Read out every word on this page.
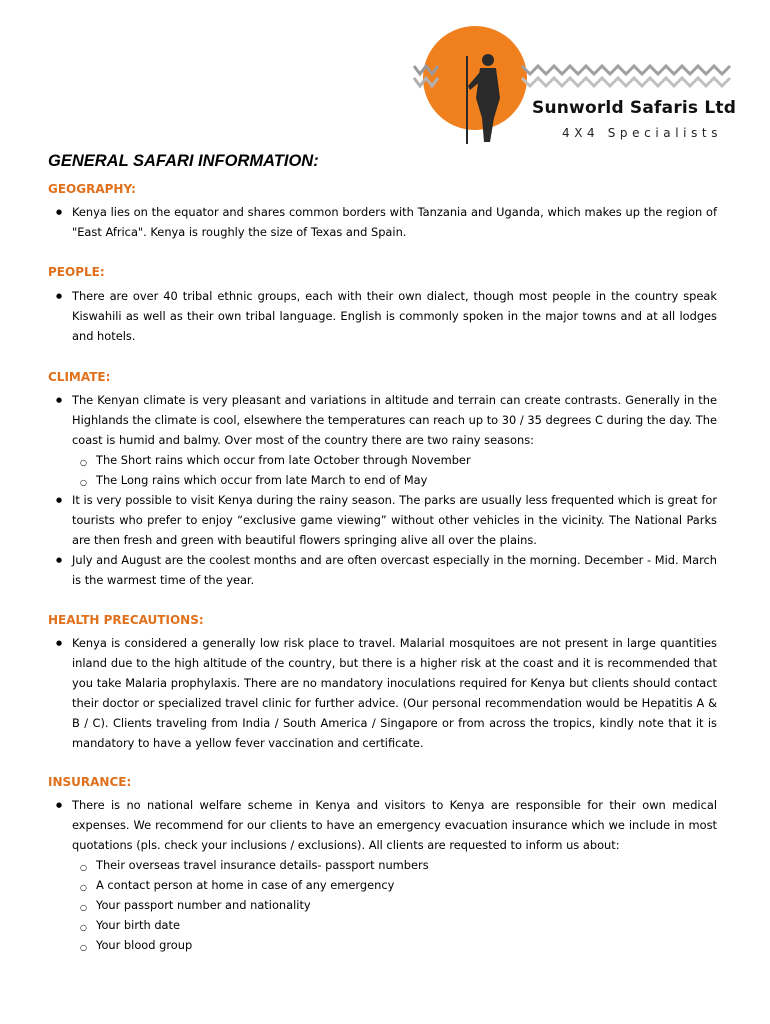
Sunworld Safaris Ltd
4X4 Specialists
GENERAL SAFARI INFORMATION:
GEOGRAPHY:
●

Kenya lies on the equator and shares common borders with Tanzania and Uganda, which makes up the region of "East Africa". Kenya is roughly the size of Texas and Spain.

PEOPLE:
●

There are over 40 tribal ethnic groups, each with their own dialect, though most people in the country speak Kiswahili as well as their own tribal language. English is commonly spoken in the major towns and at all lodges and hotels.

CLIMATE:
●

The Kenyan climate is very pleasant and variations in altitude and terrain can create contrasts. Generally in the Highlands the climate is cool, elsewhere the temperatures can reach up to 30 / 35 degrees C during the day. The coast is humid and balmy. Over most of the country there are two rainy seasons:

○

The Short rains which occur from late October through November

○

The Long rains which occur from late March to end of May

●

It is very possible to visit Kenya during the rainy season. The parks are usually less frequented which is great for tourists who prefer to enjoy “exclusive game viewing” without other vehicles in the vicinity. The National Parks are then fresh and green with beautiful flowers springing alive all over the plains.

●

July and August are the coolest months and are often overcast especially in the morning. December - Mid. March is the warmest time of the year.

HEALTH PRECAUTIONS:
●

Kenya is considered a generally low risk place to travel. Malarial mosquitoes are not present in large quantities inland due to the high altitude of the country, but there is a higher risk at the coast and it is recommended that you take Malaria prophylaxis. There are no mandatory inoculations required for Kenya but clients should contact their doctor or specialized travel clinic for further advice. (Our personal recommendation would be Hepatitis A & B / C). Clients traveling from India / South America / Singapore or from across the tropics, kindly note that it is mandatory to have a yellow fever vaccination and certificate.

INSURANCE:
●

There is no national welfare scheme in Kenya and visitors to Kenya are responsible for their own medical expenses. We recommend for our clients to have an emergency evacuation insurance which we include in most quotations (pls. check your inclusions / exclusions). All clients are requested to inform us about:

○

Their overseas travel insurance details- passport numbers

○

A contact person at home in case of any emergency

○

Your passport number and nationality

○

Your birth date

○

Your blood group
